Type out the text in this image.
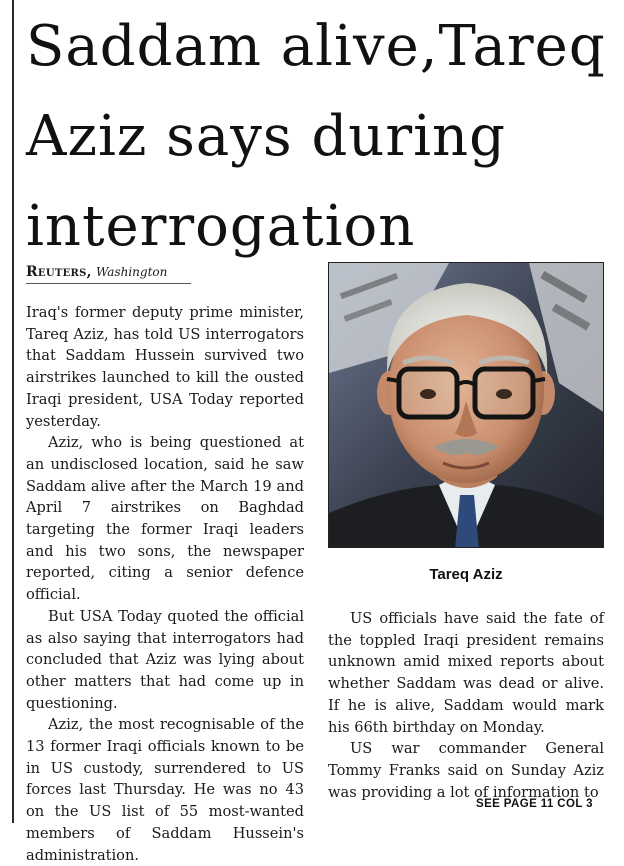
Saddam alive,Tareq Aziz says during interrogation
Reuters, Washington

Iraq's former deputy prime minister, Tareq Aziz, has told US interrogators that Saddam Hussein survived two airstrikes launched to kill the ousted Iraqi president, USA Today reported yesterday.

Aziz, who is being questioned at an undisclosed location, said he saw Saddam alive after the March 19 and April 7 airstrikes on Baghdad targeting the former Iraqi leaders and his two sons, the newspaper reported, citing a senior defence official.

But USA Today quoted the official as also saying that interrogators had concluded that Aziz was lying about other matters that had come up in questioning.

Aziz, the most recognisable of the 13 former Iraqi officials known to be in US custody, surrendered to US forces last Thursday. He was no 43 on the US list of 55 most-wanted members of Saddam Hussein's administration.

Tareq Aziz

US officials have said the fate of the toppled Iraqi president remains unknown amid mixed reports about whether Saddam was dead or alive. If he is alive, Saddam would mark his 66th birthday on Monday.

US war commander General Tommy Franks said on Sunday Aziz was providing a lot of information to

SEE PAGE 11 COL 3
